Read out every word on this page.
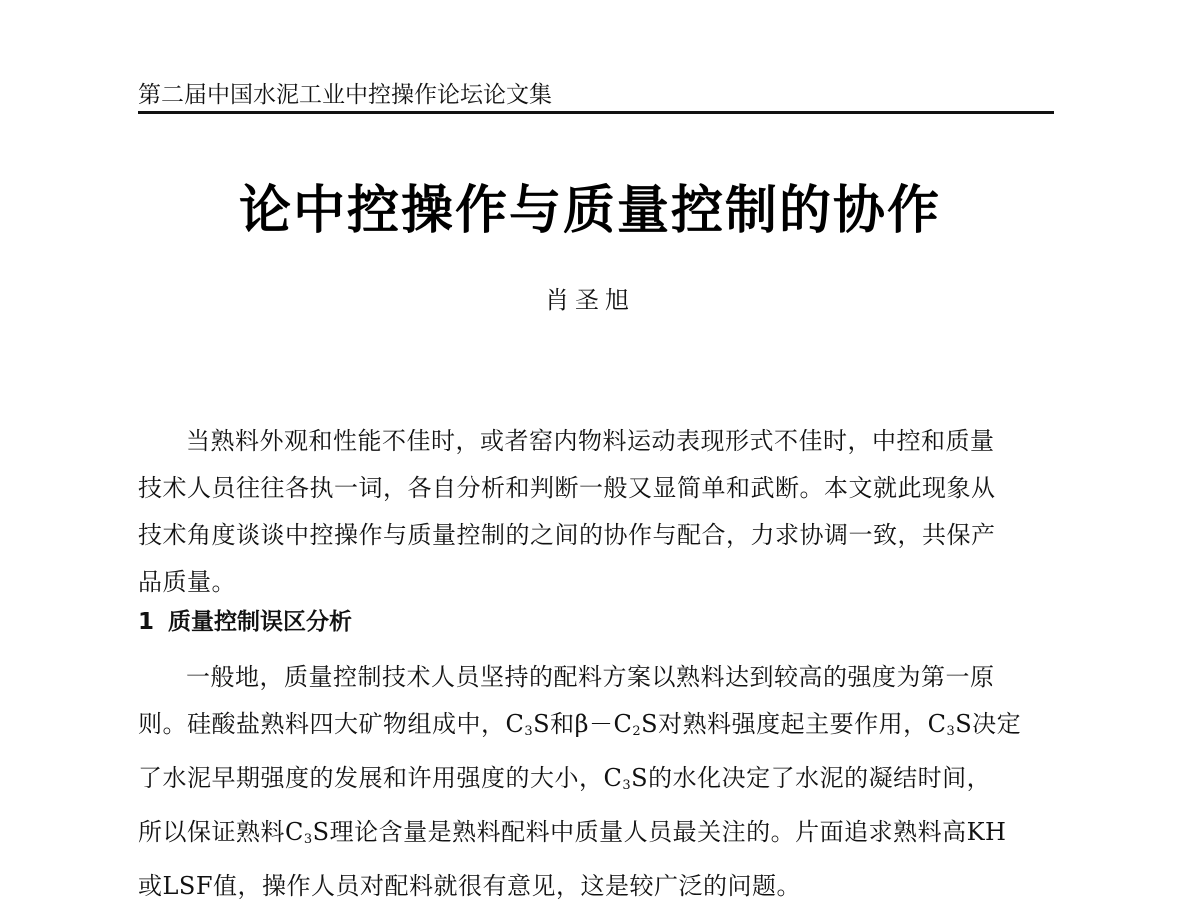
第二届中国水泥工业中控操作论坛论文集
论中控操作与质量控制的协作
肖圣旭
当熟料外观和性能不佳时，或者窑内物料运动表现形式不佳时，中控和质量
技术人员往往各执一词，各自分析和判断一般又显简单和武断。本文就此现象从
技术角度谈谈中控操作与质量控制的之间的协作与配合，力求协调一致，共保产
品质量。
1 质量控制误区分析
一般地，质量控制技术人员坚持的配料方案以熟料达到较高的强度为第一原
则。硅酸盐熟料四大矿物组成中，$C_3S$和$\beta-C_2S$对熟料强度起主要作用，$C_3S$决定
了水泥早期强度的发展和许用强度的大小，$C_3S$的水化决定了水泥的凝结时间，
所以保证熟料$C_3S$理论含量是熟料配料中质量人员最关注的。片面追求熟料高KH
或LSF值，操作人员对配料就很有意见，这是较广泛的问题。
